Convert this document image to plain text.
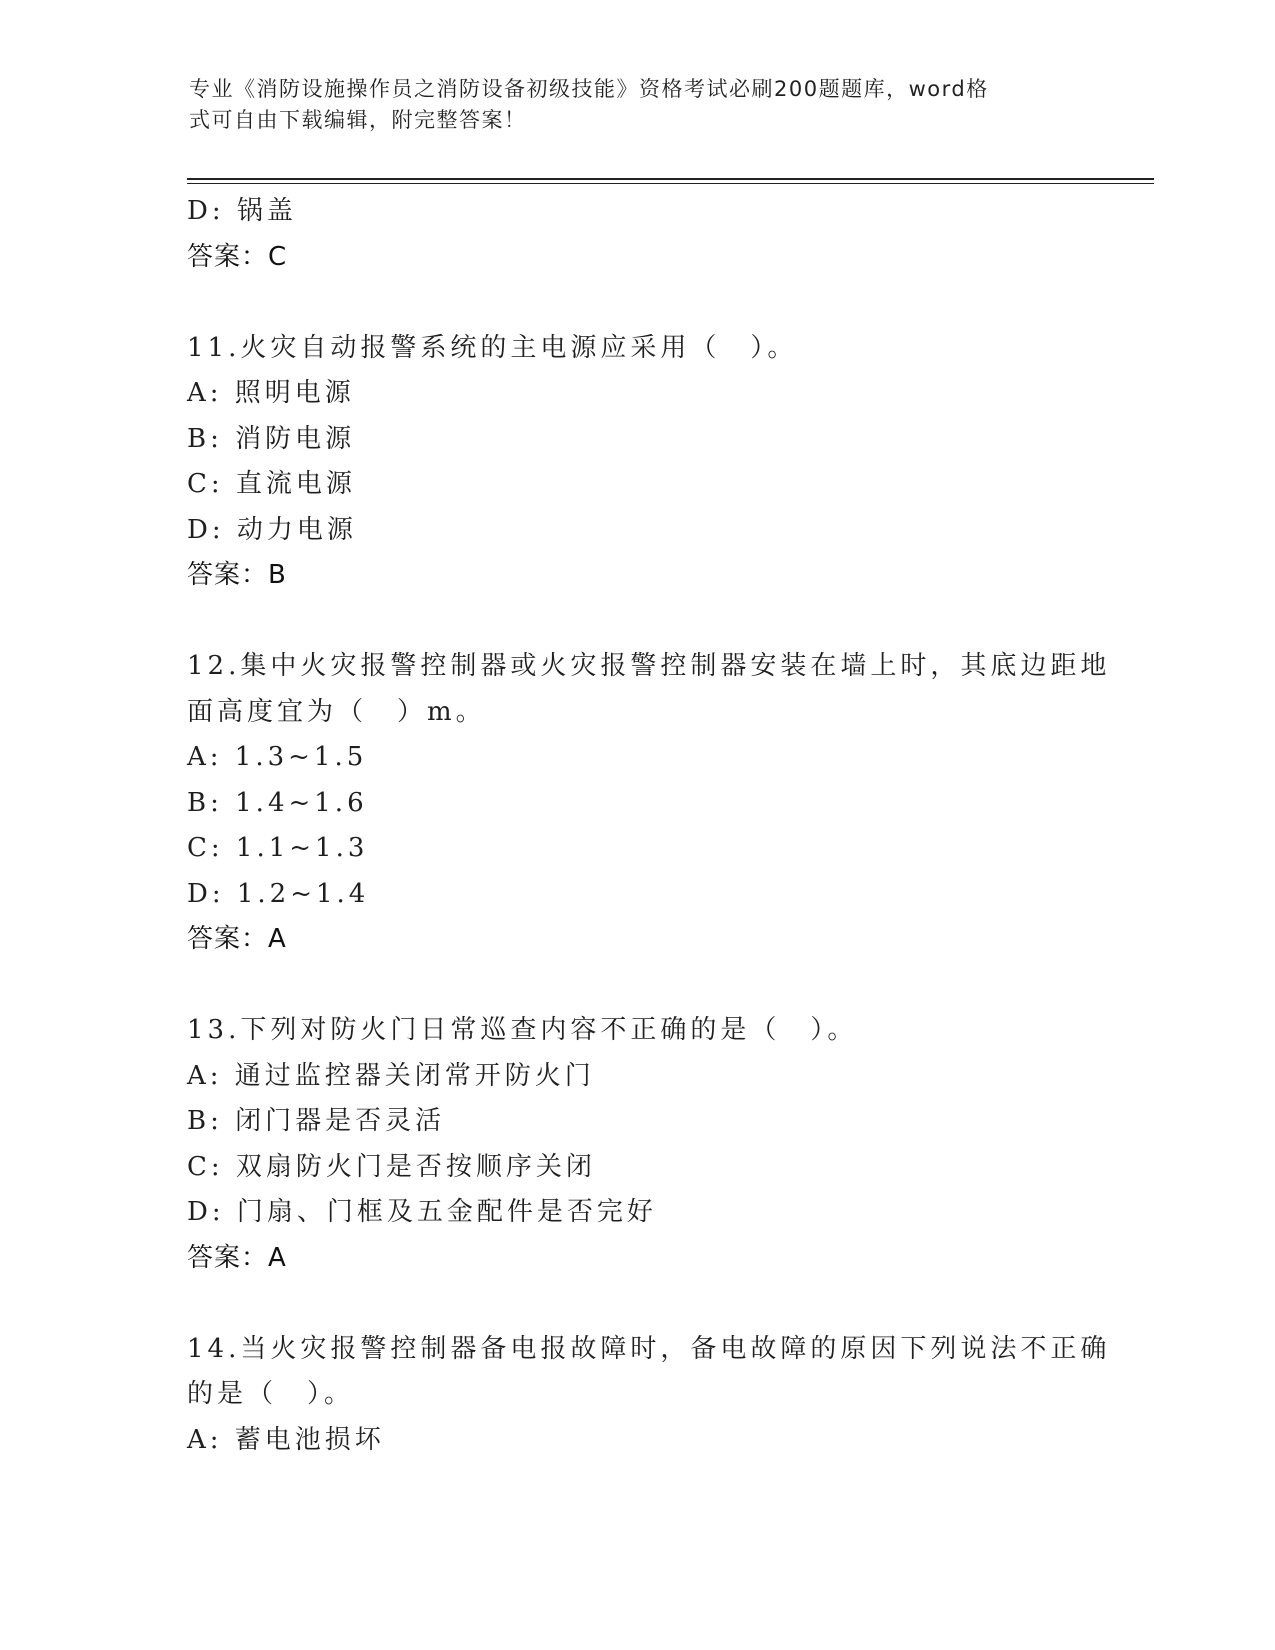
专业《消防设施操作员之消防设备初级技能》资格考试必刷200题题库，word格
式可自由下载编辑，附完整答案！
D: 锅盖
答案：C
11.火灾自动报警系统的主电源应采用（　）。
A: 照明电源
B: 消防电源
C: 直流电源
D: 动力电源
答案：B
12.集中火灾报警控制器或火灾报警控制器安装在墙上时，其底边距地
面高度宜为（　）m。
A: 1.3~1.5
B: 1.4~1.6
C: 1.1~1.3
D: 1.2~1.4
答案：A
13.下列对防火门日常巡查内容不正确的是（　）。
A: 通过监控器关闭常开防火门
B: 闭门器是否灵活
C: 双扇防火门是否按顺序关闭
D: 门扇、门框及五金配件是否完好
答案：A
14.当火灾报警控制器备电报故障时，备电故障的原因下列说法不正确
的是（　）。
A: 蓄电池损坏
